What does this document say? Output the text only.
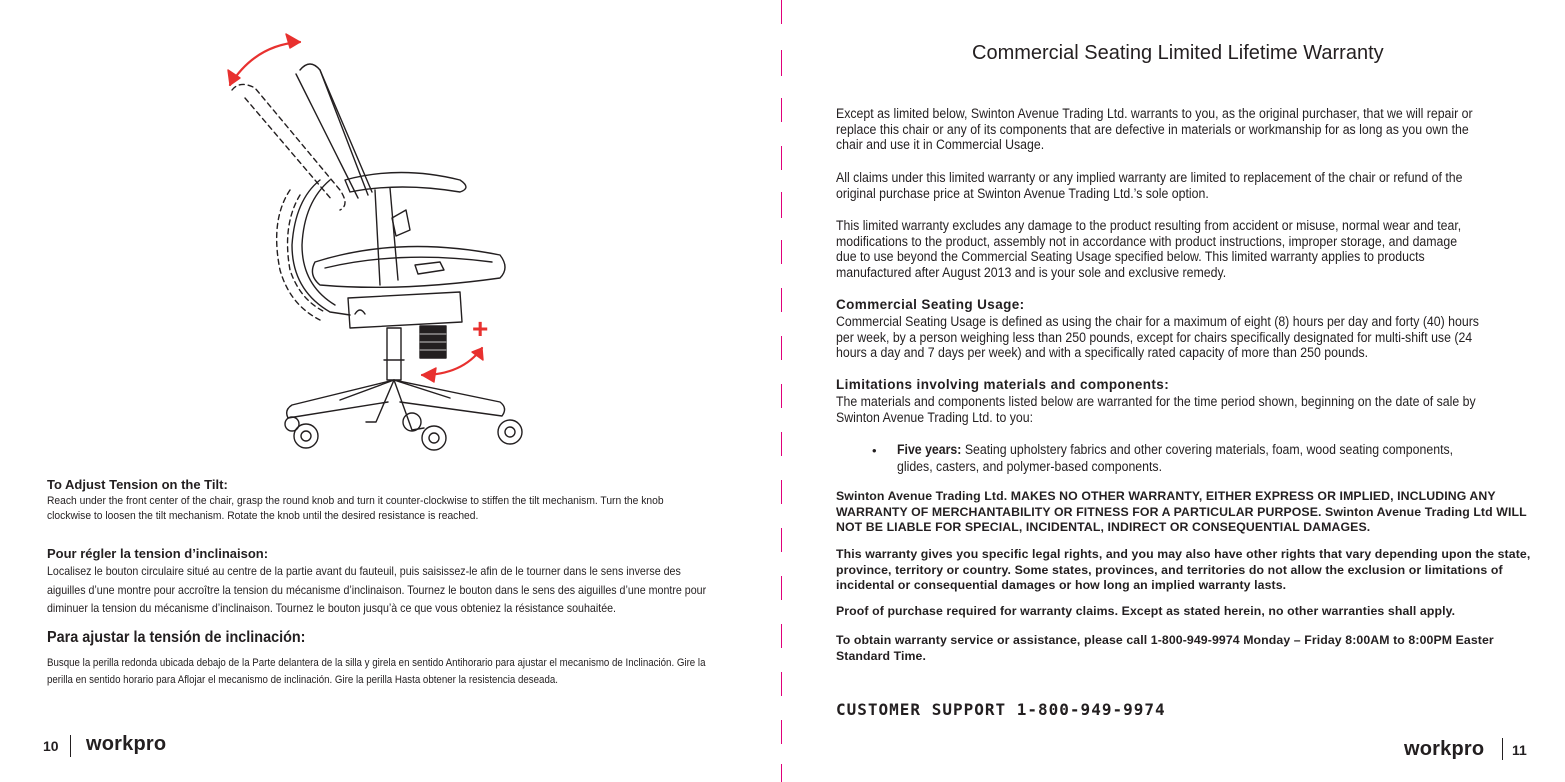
+
To Adjust Tension on the Tilt:
Reach under the front center of the chair, grasp the round knob and turn it counter-clockwise to stiffen the tilt mechanism. Turn the knob clockwise to loosen the tilt mechanism. Rotate the knob until the desired resistance is reached.
Pour régler la tension d’inclinaison:
Localisez le bouton circulaire situé au centre de la partie avant du fauteuil, puis saisissez-le afin de le tourner dans le sens inverse des aiguilles d’une montre pour accroître la tension du mécanisme d’inclinaison. Tournez le bouton dans le sens des aiguilles d’une montre pour diminuer la tension du mécanisme d’inclinaison. Tournez le bouton jusqu’à ce que vous obteniez la résistance souhaitée.
Para ajustar la tensión de inclinación:
Busque la perilla redonda ubicada debajo de la Parte delantera de la silla y girela en sentido Antihorario para ajustar el mecanismo de Inclinación. Gire la perilla en sentido horario para Aflojar el mecanismo de inclinación. Gire la perilla Hasta obtener la resistencia deseada.
10 workpro
Commercial Seating Limited Lifetime Warranty
Except as limited below, Swinton Avenue Trading Ltd. warrants to you, as the original purchaser, that we will repair or replace this chair or any of its components that are defective in materials or workmanship for as long as you own the chair and use it in Commercial Usage.
All claims under this limited warranty or any implied warranty are limited to replacement of the chair or refund of the original purchase price at Swinton Avenue Trading Ltd.’s sole option.
This limited warranty excludes any damage to the product resulting from accident or misuse, normal wear and tear, modifications to the product, assembly not in accordance with product instructions, improper storage, and damage due to use beyond the Commercial Seating Usage specified below. This limited warranty applies to products manufactured after August 2013 and is your sole and exclusive remedy.
Commercial Seating Usage:
Commercial Seating Usage is defined as using the chair for a maximum of eight (8) hours per day and forty (40) hours per week, by a person weighing less than 250 pounds, except for chairs specifically designated for multi-shift use (24 hours a day and 7 days per week) and with a specifically rated capacity of more than 250 pounds.
Limitations involving materials and components:
The materials and components listed below are warranted for the time period shown, beginning on the date of sale by Swinton Avenue Trading Ltd. to you:
• Five years: Seating upholstery fabrics and other covering materials, foam, wood seating components, glides, casters, and polymer-based components.
Swinton Avenue Trading Ltd. MAKES NO OTHER WARRANTY, EITHER EXPRESS OR IMPLIED, INCLUDING ANY WARRANTY OF MERCHANTABILITY OR FITNESS FOR A PARTICULAR PURPOSE. Swinton Avenue Trading Ltd WILL NOT BE LIABLE FOR SPECIAL, INCIDENTAL, INDIRECT OR CONSEQUENTIAL DAMAGES.
This warranty gives you specific legal rights, and you may also have other rights that vary depending upon the state, province, territory or country. Some states, provinces, and territories do not allow the exclusion or limitations of incidental or consequential damages or how long an implied warranty lasts.
Proof of purchase required for warranty claims. Except as stated herein, no other warranties shall apply.
To obtain warranty service or assistance, please call 1-800-949-9974 Monday – Friday 8:00AM to 8:00PM Easter Standard Time.
CUSTOMER SUPPORT 1-800-949-9974
workpro 11
